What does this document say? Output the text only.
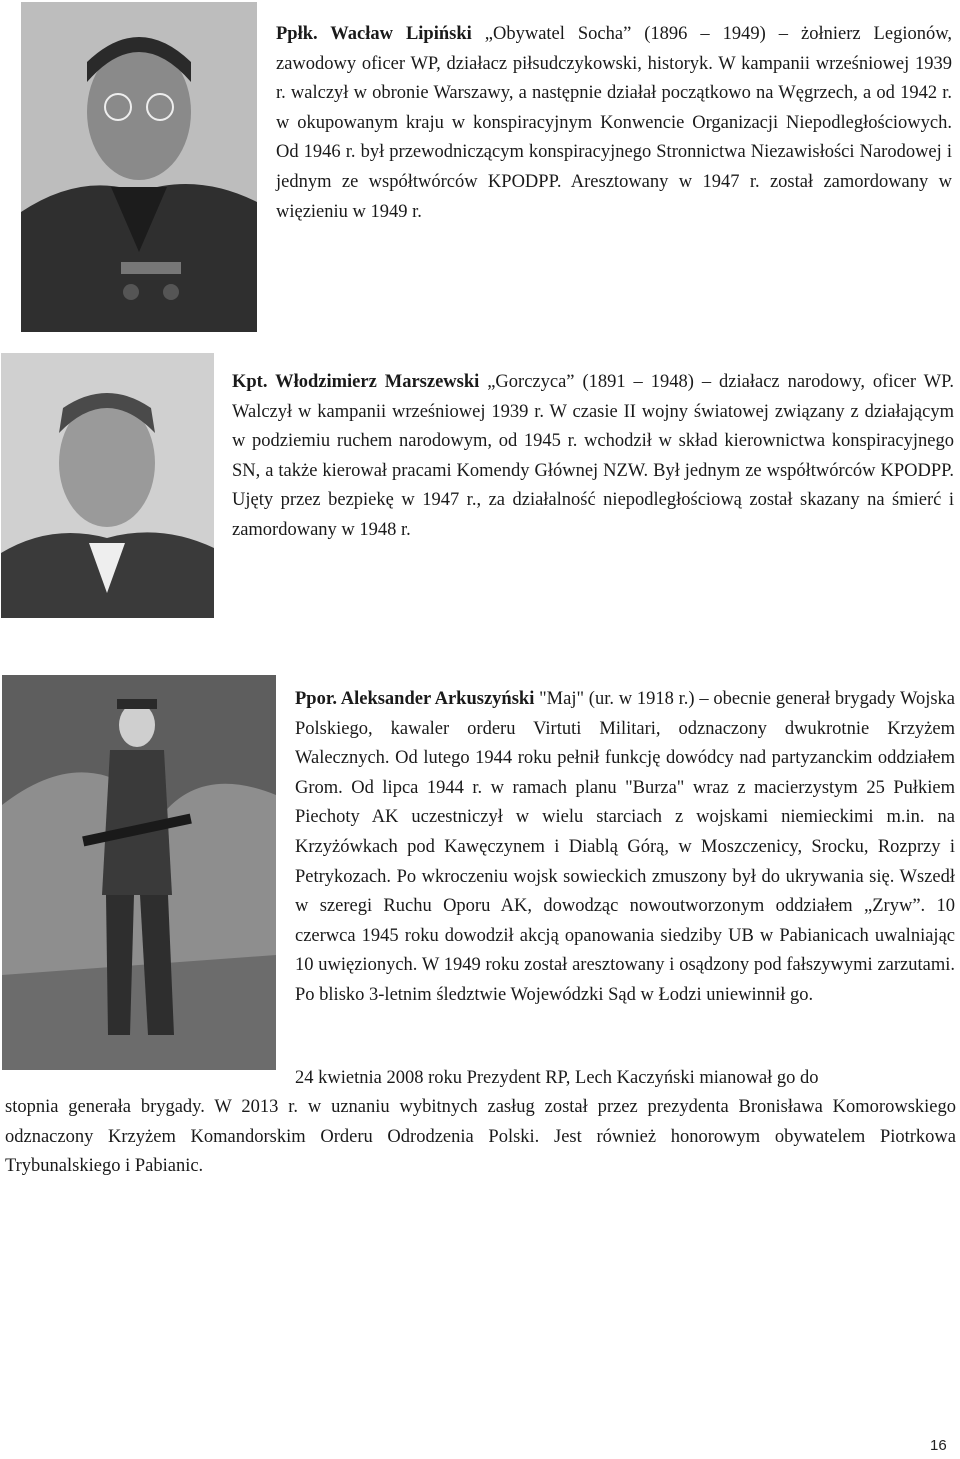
Ppłk. Wacław Lipiński „Obywatel Socha” (1896 – 1949) – żołnierz Legionów, zawodowy oficer WP, działacz piłsudczykowski, historyk. W kampanii wrześniowej 1939 r. walczył w obronie Warszawy, a następnie działał początkowo na Węgrzech, a od 1942 r. w okupowanym kraju w konspiracyjnym Konwencie Organizacji Niepodległościowych. Od 1946 r. był przewodniczącym konspiracyjnego Stronnictwa Niezawisłości Narodowej i jednym ze współtwórców KPODPP. Aresztowany w 1947 r. został zamordowany w więzieniu w 1949 r.

Kpt. Włodzimierz Marszewski „Gorczyca” (1891 – 1948) – działacz narodowy, oficer WP. Walczył w kampanii wrześniowej 1939 r. W czasie II wojny światowej związany z działającym w podziemiu ruchem narodowym, od 1945 r. wchodził w skład kierownictwa konspiracyjnego SN, a także kierował pracami Komendy Głównej NZW. Był jednym ze współtwórców KPODPP. Ujęty przez bezpiekę w 1947 r., za działalność niepodległościową został skazany na śmierć i zamordowany w 1948 r.

Ppor. Aleksander Arkuszyński "Maj" (ur. w 1918 r.) – obecnie generał brygady Wojska Polskiego, kawaler orderu Virtuti Militari, odznaczony dwukrotnie Krzyżem Walecznych. Od lutego 1944 roku pełnił funkcję dowódcy nad partyzanckim oddziałem Grom. Od lipca 1944 r. w ramach planu "Burza" wraz z macierzystym 25 Pułkiem Piechoty AK uczestniczył w wielu starciach z wojskami niemieckimi m.in. na Krzyżówkach pod Kawęczynem i Diablą Górą, w Moszczenicy, Srocku, Rozprzy i Petrykozach. Po wkroczeniu wojsk sowieckich zmuszony był do ukrywania się. Wszedł w szeregi Ruchu Oporu AK, dowodząc nowoutworzonym oddziałem „Zryw”. 10 czerwca 1945 roku dowodził akcją opanowania siedziby UB w Pabianicach uwalniając 10 uwięzionych. W 1949 roku został aresztowany i osądzony pod fałszywymi zarzutami. Po blisko 3-letnim śledztwie Wojewódzki Sąd w Łodzi uniewinnił go.

24 kwietnia 2008 roku Prezydent RP, Lech Kaczyński mianował go do

stopnia generała brygady. W 2013 r. w uznaniu wybitnych zasług został przez prezydenta Bronisława Komorowskiego odznaczony Krzyżem Komandorskim Orderu Odrodzenia Polski. Jest również honorowym obywatelem Piotrkowa Trybunalskiego i Pabianic.

16
